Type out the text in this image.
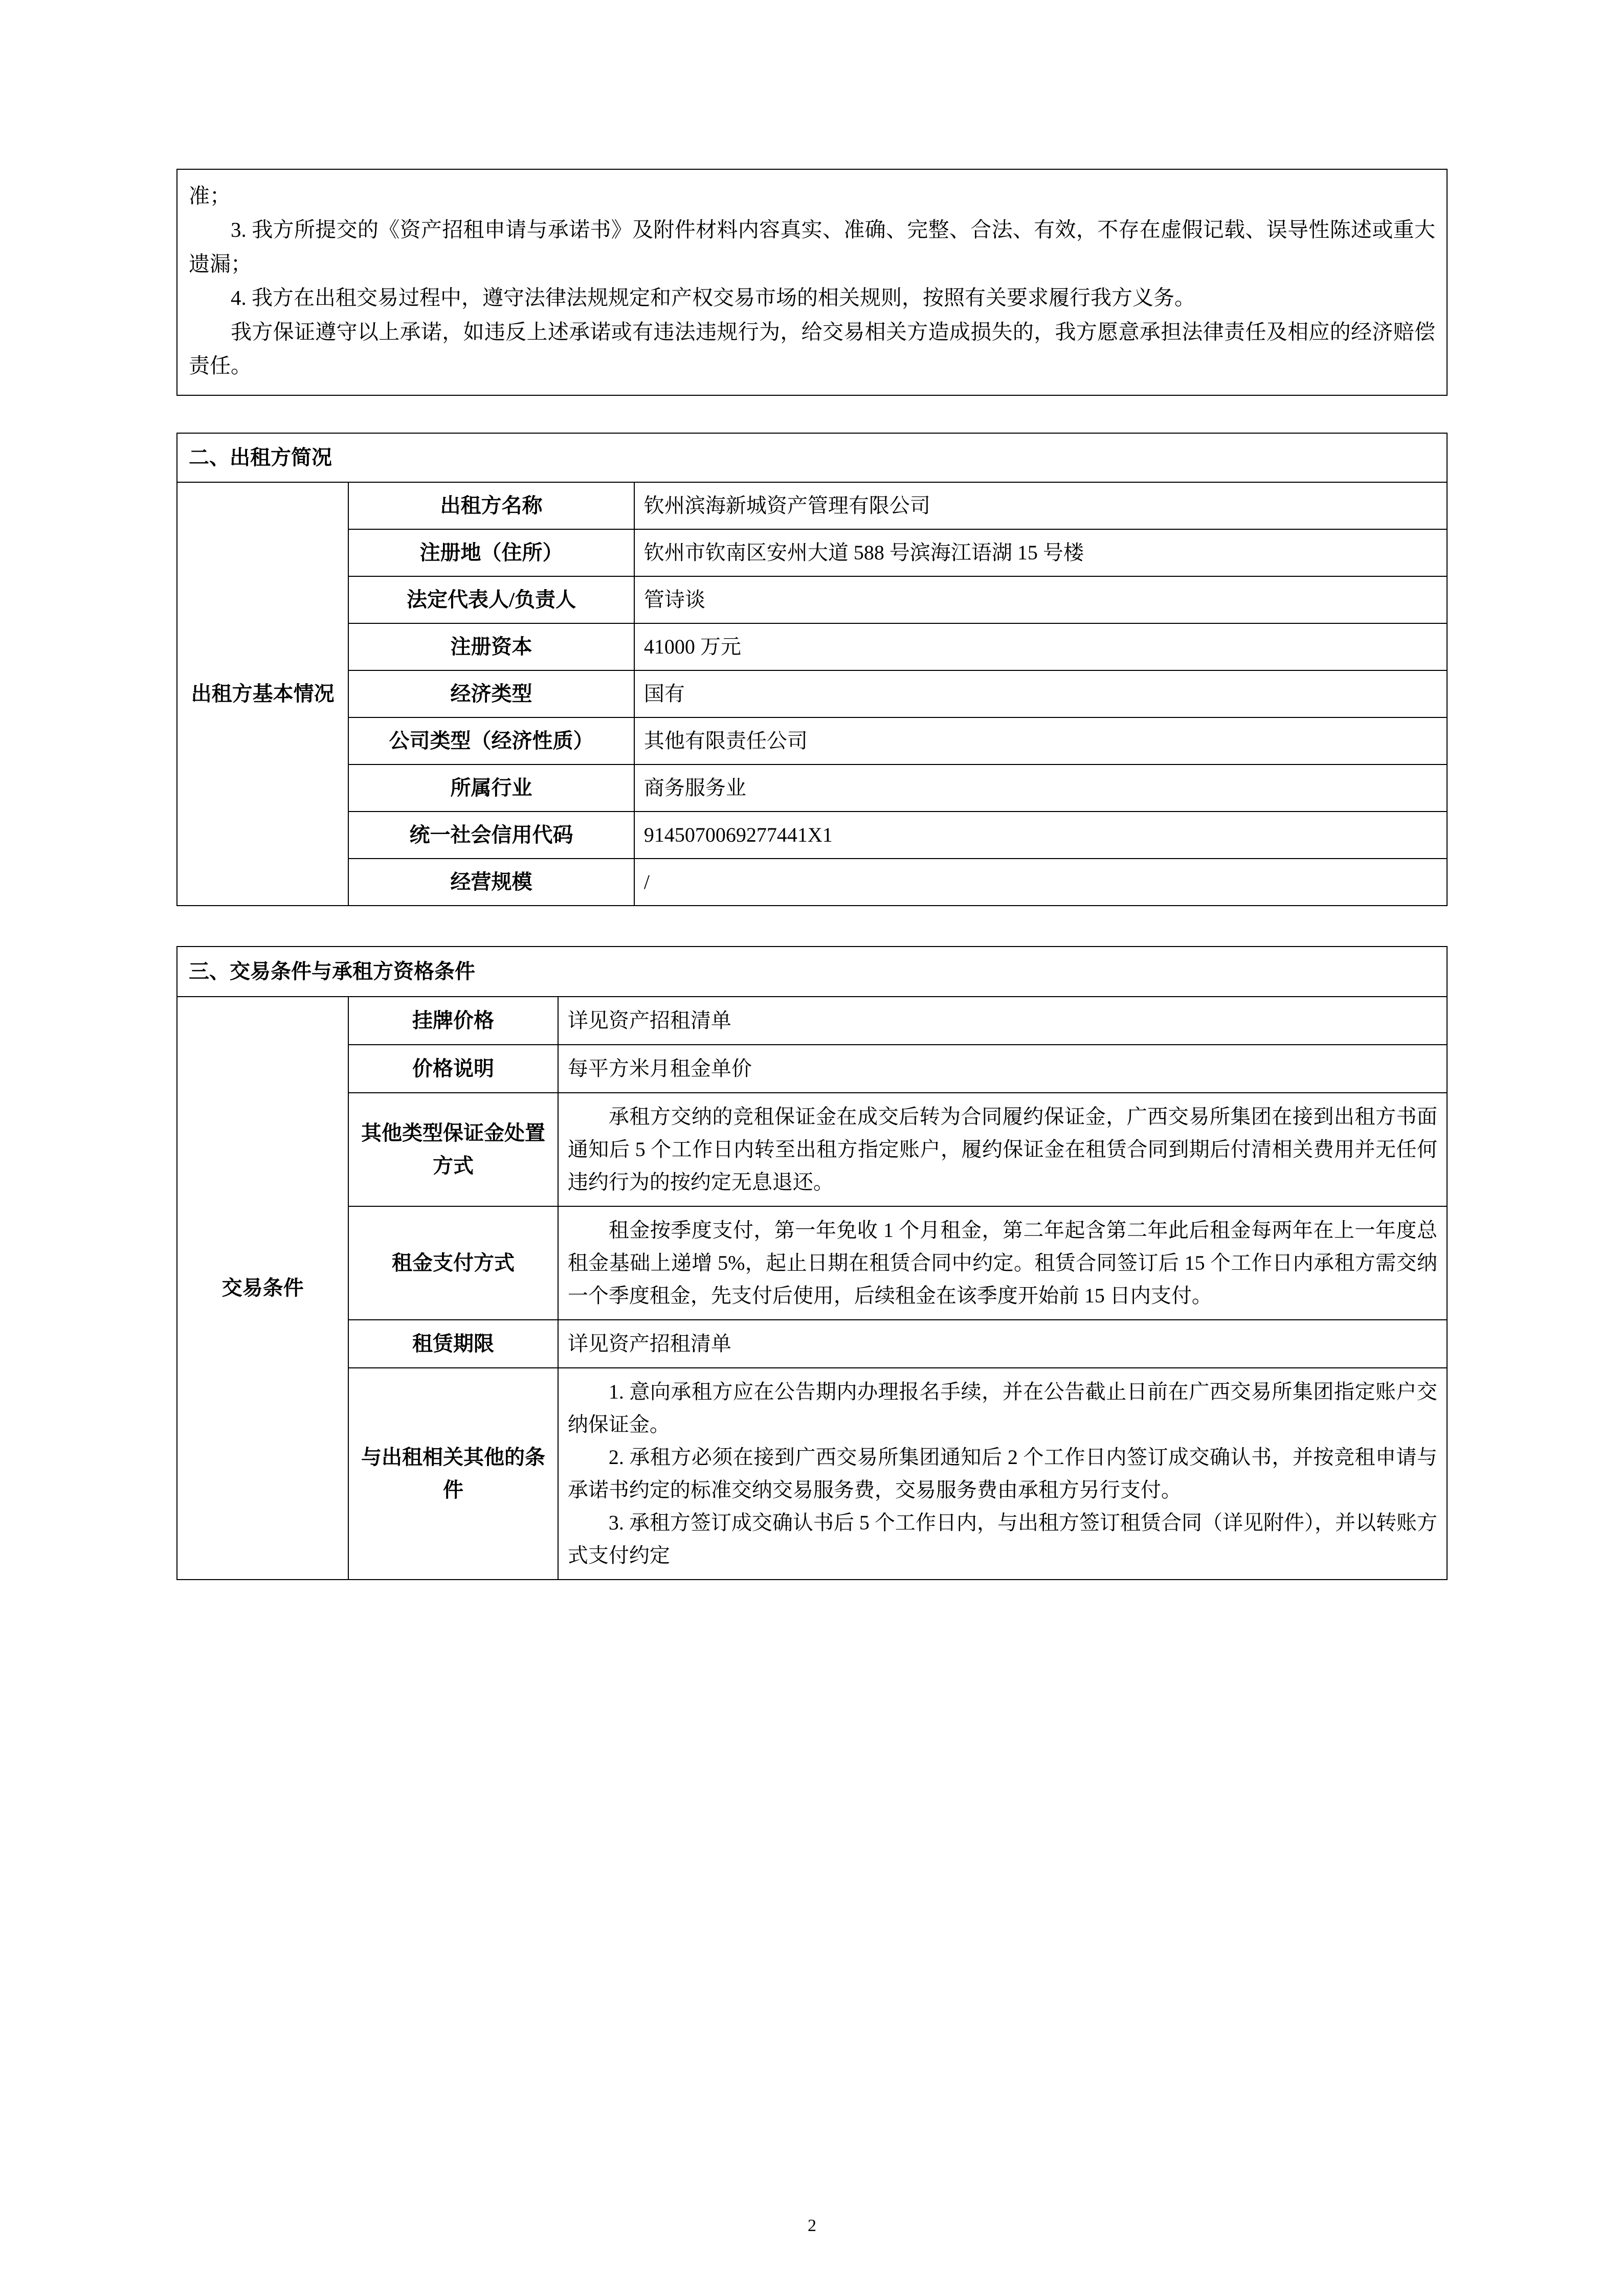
准；

3. 我方所提交的《资产招租申请与承诺书》及附件材料内容真实、准确、完整、合法、有效，不存在虚假记载、误导性陈述或重大遗漏；

4. 我方在出租交易过程中，遵守法律法规规定和产权交易市场的相关规则，按照有关要求履行我方义务。

我方保证遵守以上承诺，如违反上述承诺或有违法违规行为，给交易相关方造成损失的，我方愿意承担法律责任及相应的经济赔偿责任。

二、出租方简况		
出租方基本情况	出租方名称	钦州滨海新城资产管理有限公司
	注册地（住所）	钦州市钦南区安州大道 588 号滨海江语湖 15 号楼
	法定代表人/负责人	管诗谈
	注册资本	41000 万元
	经济类型	国有
	公司类型（经济性质）	其他有限责任公司
	所属行业	商务服务业
	统一社会信用代码	9145070069277441X1
	经营规模	/
三、交易条件与承租方资格条件		
交易条件	挂牌价格	详见资产招租清单

	价格说明	每平方米月租金单价

	其他类型保证金处置方式	承租方交纳的竞租保证金在成交后转为合同履约保证金，广西交易所集团在接到出租方书面通知后 5 个工作日内转至出租方指定账户，履约保证金在租赁合同到期后付清相关费用并无任何违约行为的按约定无息退还。

	租金支付方式	租金按季度支付，第一年免收 1 个月租金，第二年起含第二年此后租金每两年在上一年度总租金基础上递增 5%，起止日期在租赁合同中约定。租赁合同签订后 15 个工作日内承租方需交纳一个季度租金，先支付后使用，后续租金在该季度开始前 15 日内支付。

	租赁期限	详见资产招租清单

	与出租相关其他的条件	1. 意向承租方应在公告期内办理报名手续，并在公告截止日前在广西交易所集团指定账户交纳保证金。

2. 承租方必须在接到广西交易所集团通知后 2 个工作日内签订成交确认书，并按竞租申请与承诺书约定的标准交纳交易服务费，交易服务费由承租方另行支付。

3. 承租方签订成交确认书后 5 个工作日内，与出租方签订租赁合同（详见附件），并以转账方式支付约定

2
